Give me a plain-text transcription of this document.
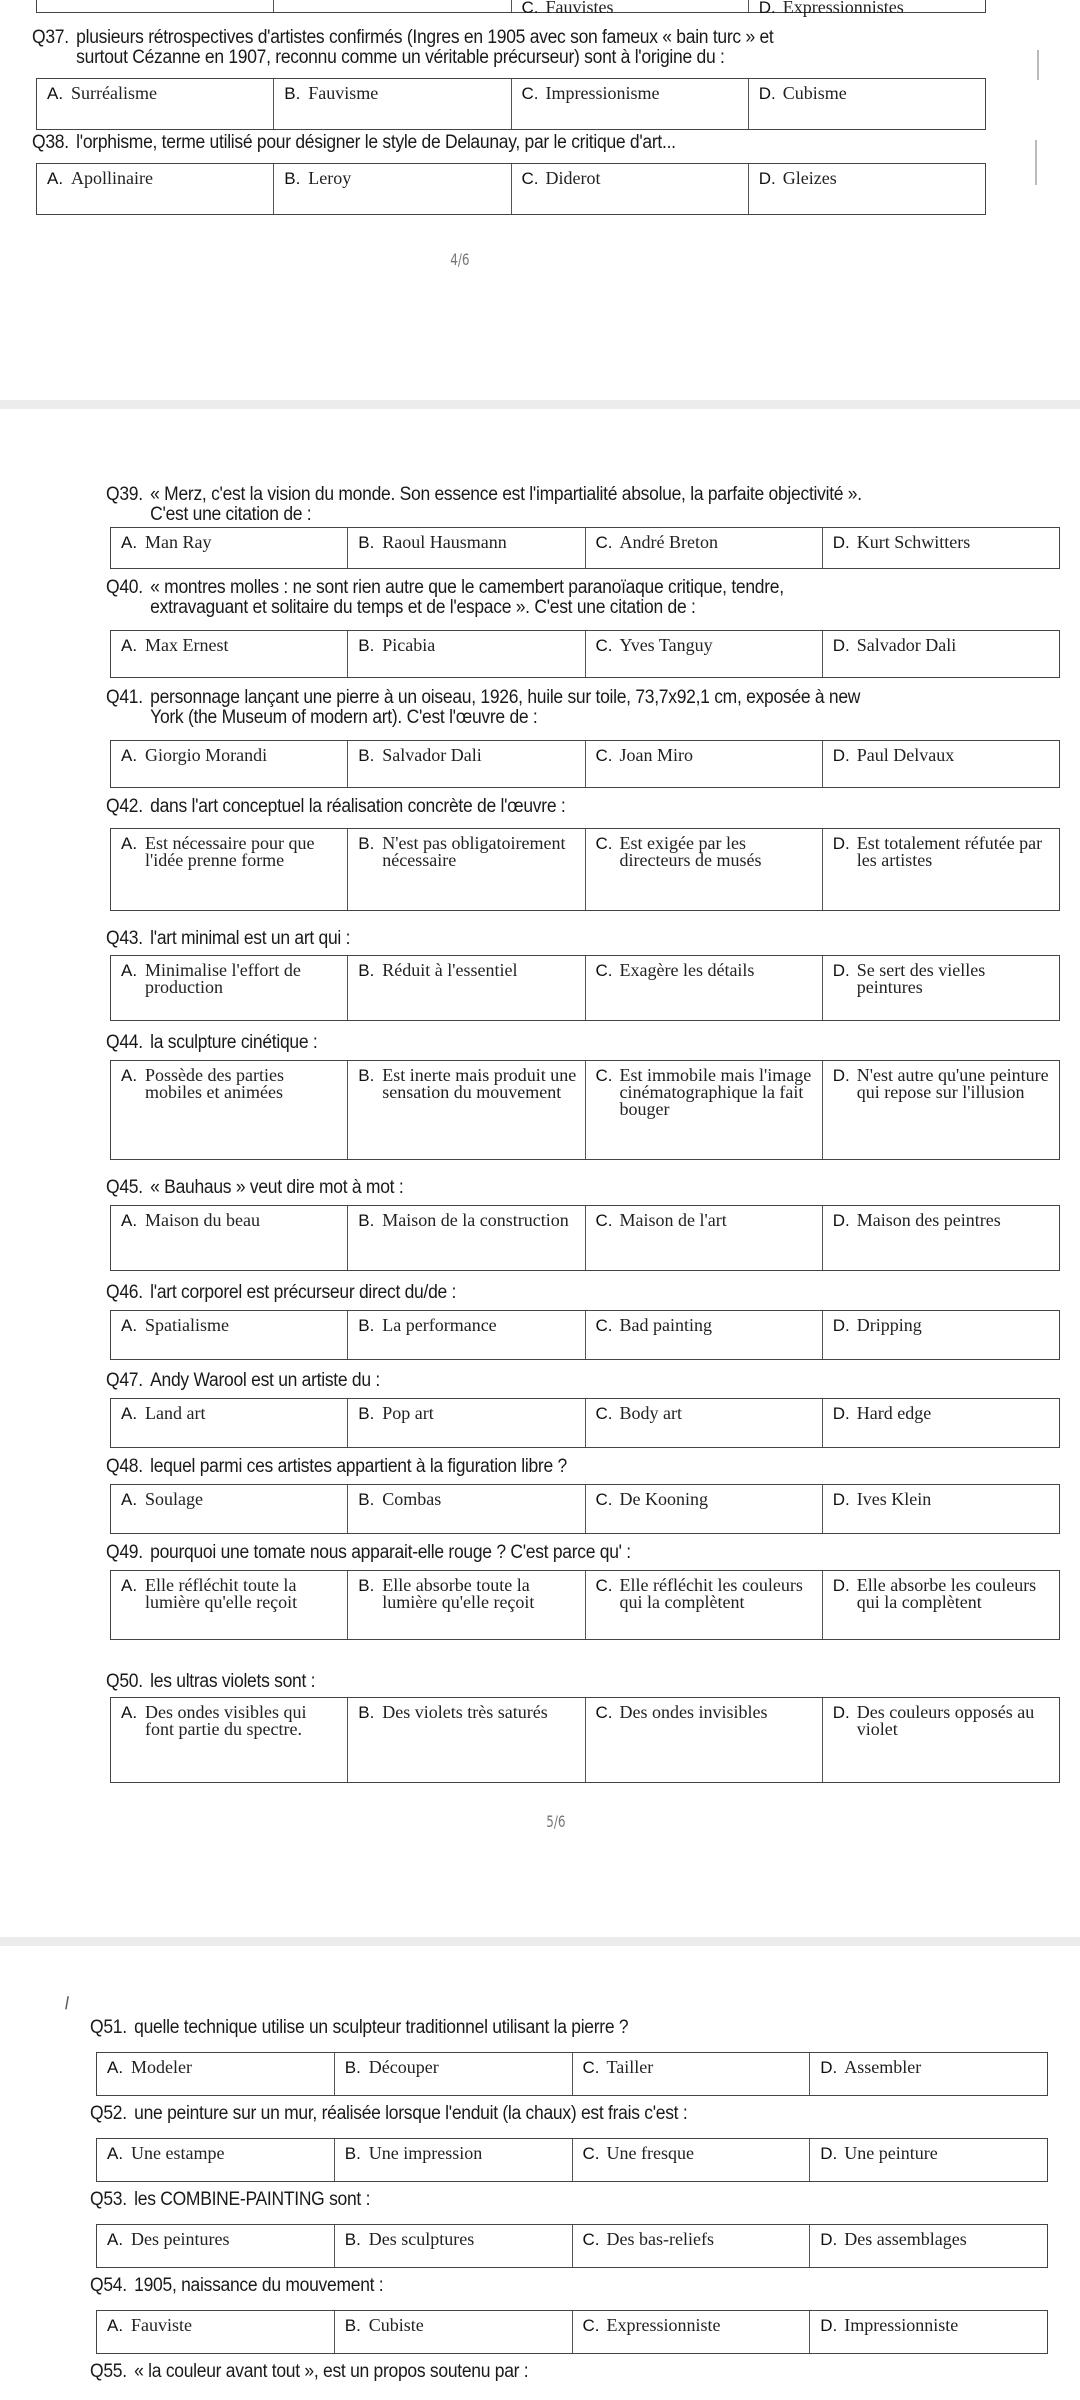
C. Fauvistes	D. Expressionnistes
Q37. plusieurs rétrospectives d'artistes confirmés (Ingres en 1905 avec son fameux « bain turc » et
surtout Cézanne en 1907, reconnu comme un véritable précurseur) sont à l'origine du :
A. Surréalisme	B. Fauvisme	C. Impressionisme	D. Cubisme
Q38. l'orphisme, terme utilisé pour désigner le style de Delaunay, par le critique d'art...
A. Apollinaire	B. Leroy	C. Diderot	D. Gleizes
Q39. « Merz, c'est la vision du monde. Son essence est l'impartialité absolue, la parfaite objectivité ».
C'est une citation de :
A. Man Ray	B. Raoul Hausmann	C. André Breton	D. Kurt Schwitters
Q40. « montres molles : ne sont rien autre que le camembert paranoïaque critique, tendre,
extravaguant et solitaire du temps et de l'espace ». C'est une citation de :
A. Max Ernest	B. Picabia	C. Yves Tanguy	D. Salvador Dali
Q41. personnage lançant une pierre à un oiseau, 1926, huile sur toile, 73,7x92,1 cm, exposée à new
York (the Museum of modern art). C'est l'œuvre de :
A. Giorgio Morandi	B. Salvador Dali	C. Joan Miro	D. Paul Delvaux
Q42. dans l'art conceptuel la réalisation concrète de l'œuvre :
A. Est nécessaire pour que l'idée prenne forme
B. N'est pas obligatoirement nécessaire
C. Est exigée par les directeurs de musés
D. Est totalement réfutée par les artistes
Q43. l'art minimal est un art qui :
A. Minimalise l'effort de production
B. Réduit à l'essentiel	C. Exagère les détails	D. Se sert des vielles peintures
Q44. la sculpture cinétique :
A. Possède des parties mobiles et animées
B. Est inerte mais produit une sensation du mouvement
C. Est immobile mais l'image cinématographique la fait bouger
D. N'est autre qu'une peinture qui repose sur l'illusion
Q45. « Bauhaus » veut dire mot à mot :
A. Maison du beau	B. Maison de la construction	C. Maison de l'art	D. Maison des peintres
Q46. l'art corporel est précurseur direct du/de :
A. Spatialisme	B. La performance	C. Bad painting	D. Dripping
Q47. Andy Warool est un artiste du :
A. Land art	B. Pop art	C. Body art	D. Hard edge
Q48. lequel parmi ces artistes appartient à la figuration libre ?
A. Soulage	B. Combas	C. De Kooning	D. Ives Klein
Q49. pourquoi une tomate nous apparait-elle rouge ? C'est parce qu' :
A. Elle réfléchit toute la lumière qu'elle reçoit
B. Elle absorbe toute la lumière qu'elle reçoit
C. Elle réfléchit les couleurs qui la complètent
D. Elle absorbe les couleurs qui la complètent
Q50. les ultras violets sont :
A. Des ondes visibles qui font partie du spectre.
B. Des violets très saturés	C. Des ondes invisibles	D. Des couleurs opposés au violet
Q51. quelle technique utilise un sculpteur traditionnel utilisant la pierre ?
A. Modeler	B. Découper	C. Tailler	D. Assembler
Q52. une peinture sur un mur, réalisée lorsque l'enduit (la chaux) est frais c'est :
A. Une estampe	B. Une impression	C. Une fresque	D. Une peinture
Q53. les COMBINE-PAINTING sont :
A. Des peintures	B. Des sculptures	C. Des bas-reliefs	D. Des assemblages
Q54. 1905, naissance du mouvement :
A. Fauviste	B. Cubiste	C. Expressionniste	D. Impressionniste
Q55. « la couleur avant tout », est un propos soutenu par :
4/6
5/6
⸝
